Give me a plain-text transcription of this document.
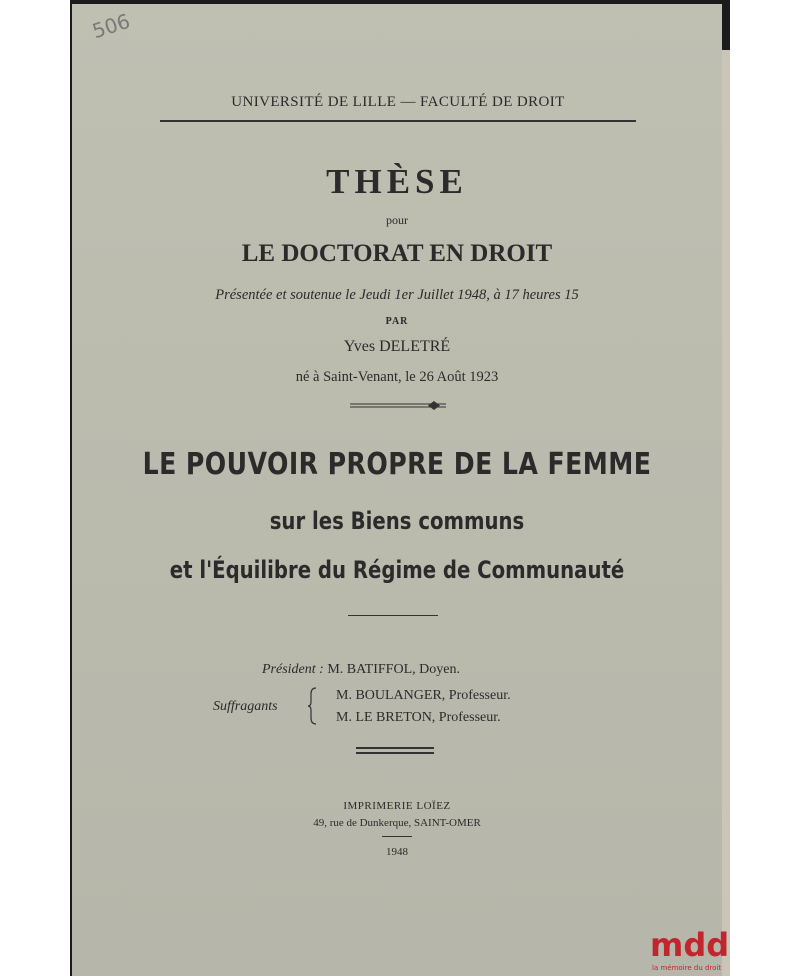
506
UNIVERSITÉ DE LILLE — FACULTÉ DE DROIT
THÈSE
pour
LE DOCTORAT EN DROIT
Présentée et soutenue le Jeudi 1er Juillet 1948, à 17 heures 15
PAR
Yves DELETRÉ
né à Saint-Venant, le 26 Août 1923
LE POUVOIR PROPRE DE LA FEMME
sur les Biens communs
et l'Équilibre du Régime de Communauté
Président : M. BATIFFOL, Doyen.
Suffragants
M. BOULANGER, Professeur.
M. LE BRETON, Professeur.
IMPRIMERIE LOÏEZ
49, rue de Dunkerque, SAINT-OMER
1948
mdd
la mémoire du droit
